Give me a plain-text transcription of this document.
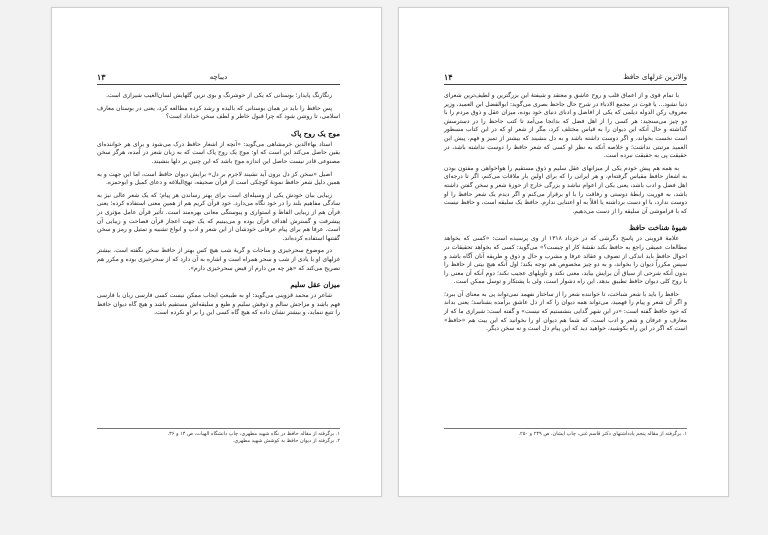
۱۳	دیباچه

رنگارنگ پایدار؛ بوستانی که یکی از خوشرنگ و بوی ترین گلهایش لسان‌الغیب شیرازی است.

پس حافظ را باید در همان بوستانی که بالیده و رشد کرده مطالعه کرد، یعنی در بوستان معارف اسلامی، تا روشن شود که چرا قبول خاطر و لطف سخن خداداد است؟

موج یک روح پاک

استاد بهاء‌الدین خرمشاهی می‌گوید: «آنچه از اشعار حافظ درک می‌شود و برای هر خواننده‌ای یقین حاصل می‌کند این است که او: موج یک روح پاک است که به زبان شعر در آمده، هرگز سخن مصنوعی قادر نیست حاصل این اندازه موج باشد که این چنین بر دلها بنشیند.

اصیل «سخن کز دل برون آید نشیند لاجرم بر دل» برایش دیوان حافظ است، اما این جهت و به همین دلیل شعر حافظ نمونهٔ کوچکی است از قرآن صحیفه، نهج‌البلاغه و دعای کمیل و ابوحمزه.

زیبایی بیان خودش یکی از وسیله‌ای است برای بهتر رساندن هر پیام؛ که یک شعر عالی نیز به سادگی مفاهیم بلند را در خود نگاه می‌دارد. خود قرآن کریم هم از همین معنی استفاده کرده؛ یعنی قرآن هم از زیبایی الفاظ و استواری و پیوستگی معانی بهره‌مند است. تأثیر قرآن عامل مؤثری در پیشرفت و گسترش اهداف قرآن بوده و می‌بینیم که یک جهت اعجاز قرآن فصاحت و زیبایی آن است. عرفا هم برای پیام عرفانی خودشان از این شعر و ادب و انواع تشبیه و تمثیل و رمز و سخن گفتنها استفاده کرده‌اند.

در موضوع سحرخیزی و مناجات و گریهٔ شب هیچ کس بهتر از حافظ سخن نگفته است. بیشتر غزلهای او با یادی از شب و سحر همراه است و اشاره به آن دارد که از سحرخیزی بوده و مکرر هم تصریح می‌کند که «هر چه من دارم از فیض سحرخیزی دارم».

میزان عقل سلیم

شاعر در محمد قزوینی می‌گوید: او به طبیعتِ ایجاب ممکن نیست کسی فارسی زبان با فارسی فهم باشد و مزاجش سالم و ذوقش سلیم و طبع و سلیقه‌اش مستقیم باشد و هیچ گاه دیوان حافظ را تتبع ننماید، و بیشتر نشان داده که هیچ گاه کسی این را بر او نکرده است.

۱. برگرفته از مقاله حافظ در نگاه شهید مطهری، چاپ دانشگاه الهیات، ص ۱۴ و ۳۶.
۲. برگرفته از دیوان حافظ به کوشش شهید مطهری.
۱۴	والاترین غزلهای حافظ

با تمام قوی و از اعماق قلب و روح عاشق و معتقد و شیفتهٔ این بزرگترین و لطیف‌ترین شعرای دنیا نشود... یا فوت در مجمع الادباء در شرح حال جاحظ بصری می‌گوید: ابوالفضل ابن العمید، وزیر معروف رکن الدوله دیلمی که یکی از افاضل و ادبای دنیای خود بوده، میزان عقل و ذوق مردم را با دو چیز می‌سنجید: هر کسی را از اهل فضل که بدانجا می‌آمد تا کتب جاحظ را در دسترسش گذاشته و حال آنکه این دیوان را به قیاس مختلف کرد، مگر از شعر او که در این کتاب مسطور است نخست بخواند، و اگر دوست داشته باشد و به دل بنشیند که بیشتر از تمیز و فهم، پیش ابن العمید مرتبتی نداشت؛ و خلاصه آنکه به نظر او کسی که شعر حافظ را دوست نداشته باشد، در حقیقت پی به حقیقت نبرده است.

به همه هم پیش خودم یکی از میزانهای عقل سلیم و ذوق مستقیم را هواخواهی و مفتون بودن به اشعار حافظ مقیاس گرفته‌ام، و هر ایرانی را که برای اولین بار ملاقات می‌کنم، اگر تا درجه‌ای اهل فضل و ادب باشد، یعنی یکی از اعوام نباشد و بزرگی خارج از حوزهٔ شعر و سخن گفتن داشته باشد، به فوریت رابطهٔ دوستی و رفاقت را با او برقرار می‌کنم و اگر دیدم یک شعر حافظ را او دوست ندارد، با او دست برداشته یا اقلاً به او اعتنایی ندارم. حافظ یک سلیقه است، و حافظ نیست که با فراموشی آن سلیقه را از دست می‌دهیم.

شیوهٔ شناخت حافظ

علامهٔ قزوینی در پاسخ دگرشی که در خرداد ۱۳۱۸ از وی پرسیده است: «کسی که بخواهد مطالعات عمیقی راجع به حافظ بکند نقشهٔ کار او چیست؟» می‌گوید: کسی که بخواهد تحقیقات در احوال حافظ باید اندکی از تصوف و عقائد عرفا و مشرب و حال و ذوق و طریقه آنان آگاه باشد و سپس مکرراً دیوان را بخواند، و به دو چیز مخصوص هم توجه بکند؛ اول آنکه هیچ بیتی از حافظ را بدون آنکه شرحی از سیاق آن برایش بیاید، معنی نکند و تأویلهای عجیب نکند؛ دوم آنکه آن معنی را با روح کلی دیوان حافظ تطبیق بدهد. این راه دشوار است، ولی با پشتکار و توسل ممکن است.

حافظ را باید با شعر شناخت، تا خواننده شعر را از ساختار نفهمد نمی‌تواند پی به معنای آن ببرد؛ و اگر آن شعر و پیام را فهمید، می‌تواند همه دیوان را که از دل عاشق برآمده بشناسد؛ یعنی بداند که خود حافظ گفته است: «در این شهر گدایی بنشستیم که نیست» و گفته است: شیرازی ما که از معارف و عرفان و شعر و ادب است، که شما هم دیوان او را بخوانید که این بیت هم «حافظ» است که اگر در این راه بکوشید، خواهید دید که این پیام دل است و نه سخن دیگر.

۱. برگرفته از مقاله پنجم یادداشتهای دکتر قاسم غنی، چاپ ایشان، ص ۲۴۹ و ۲۵۰.
